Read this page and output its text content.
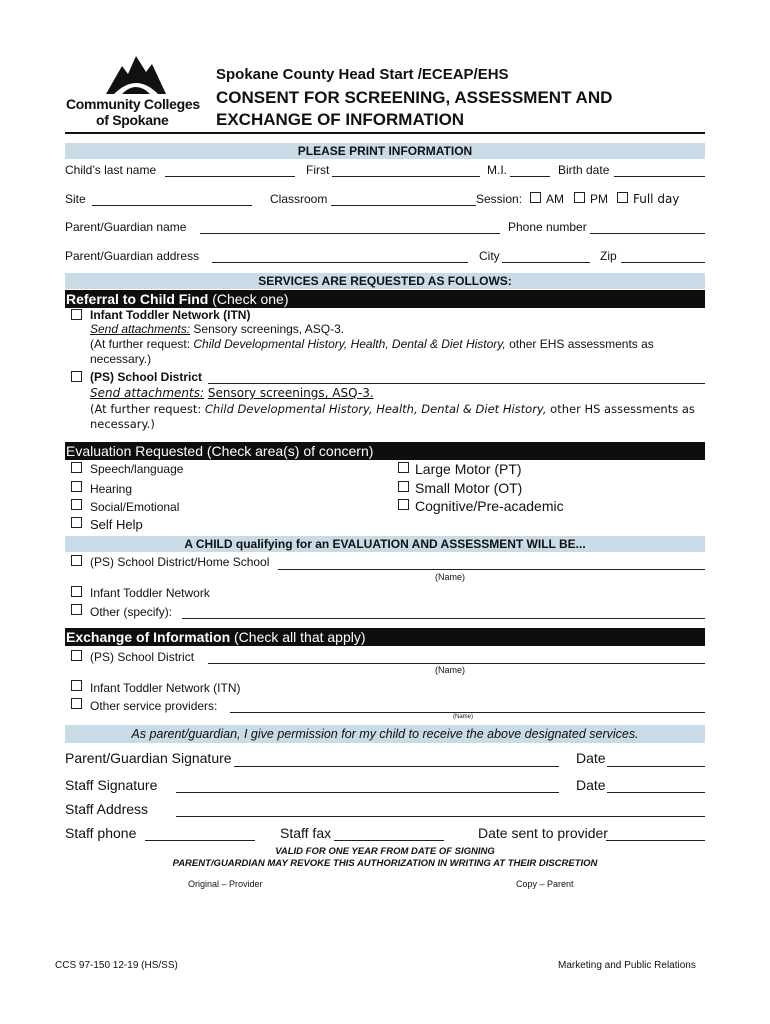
Community Colleges
of Spokane
Spokane County Head Start /ECEAP/EHS
CONSENT FOR SCREENING, ASSESSMENT AND
EXCHANGE OF INFORMATION
PLEASE PRINT INFORMATION
Child’s last name	First	M.I.	Birth date
Site	Classroom	Session: AM PM Full day
Parent/Guardian name	Phone number
Parent/Guardian address	City	Zip
SERVICES ARE REQUESTED AS FOLLOWS:
Referral to Child Find (Check one)
Infant Toddler Network (ITN)
Send attachments: Sensory screenings, ASQ-3.
(At further request: Child Developmental History, Health, Dental & Diet History, other EHS assessments as
necessary.)
(PS) School District
Send attachments: Sensory screenings, ASQ-3.
(At further request: Child Developmental History, Health, Dental & Diet History, other HS assessments as
necessary.)
Evaluation Requested (Check area(s) of concern)
Speech/language
Hearing
Social/Emotional
Self Help
Large Motor (PT)
Small Motor (OT)
Cognitive/Pre-academic
A CHILD qualifying for an EVALUATION AND ASSESSMENT WILL BE...
(PS) School District/Home School
(Name)
Infant Toddler Network
Other (specify):
Exchange of Information (Check all that apply)
(PS) School District
(Name)
Infant Toddler Network (ITN)
Other service providers:
(Name)
As parent/guardian, I give permission for my child to receive the above designated services.
Parent/Guardian Signature	Date
Staff Signature	Date
Staff Address
Staff phone	Staff fax	Date sent to provider
VALID FOR ONE YEAR FROM DATE OF SIGNING
PARENT/GUARDIAN MAY REVOKE THIS AUTHORIZATION IN WRITING AT THEIR DISCRETION
Original – Provider	Copy – Parent
CCS 97-150 12-19 (HS/SS)	Marketing and Public Relations
